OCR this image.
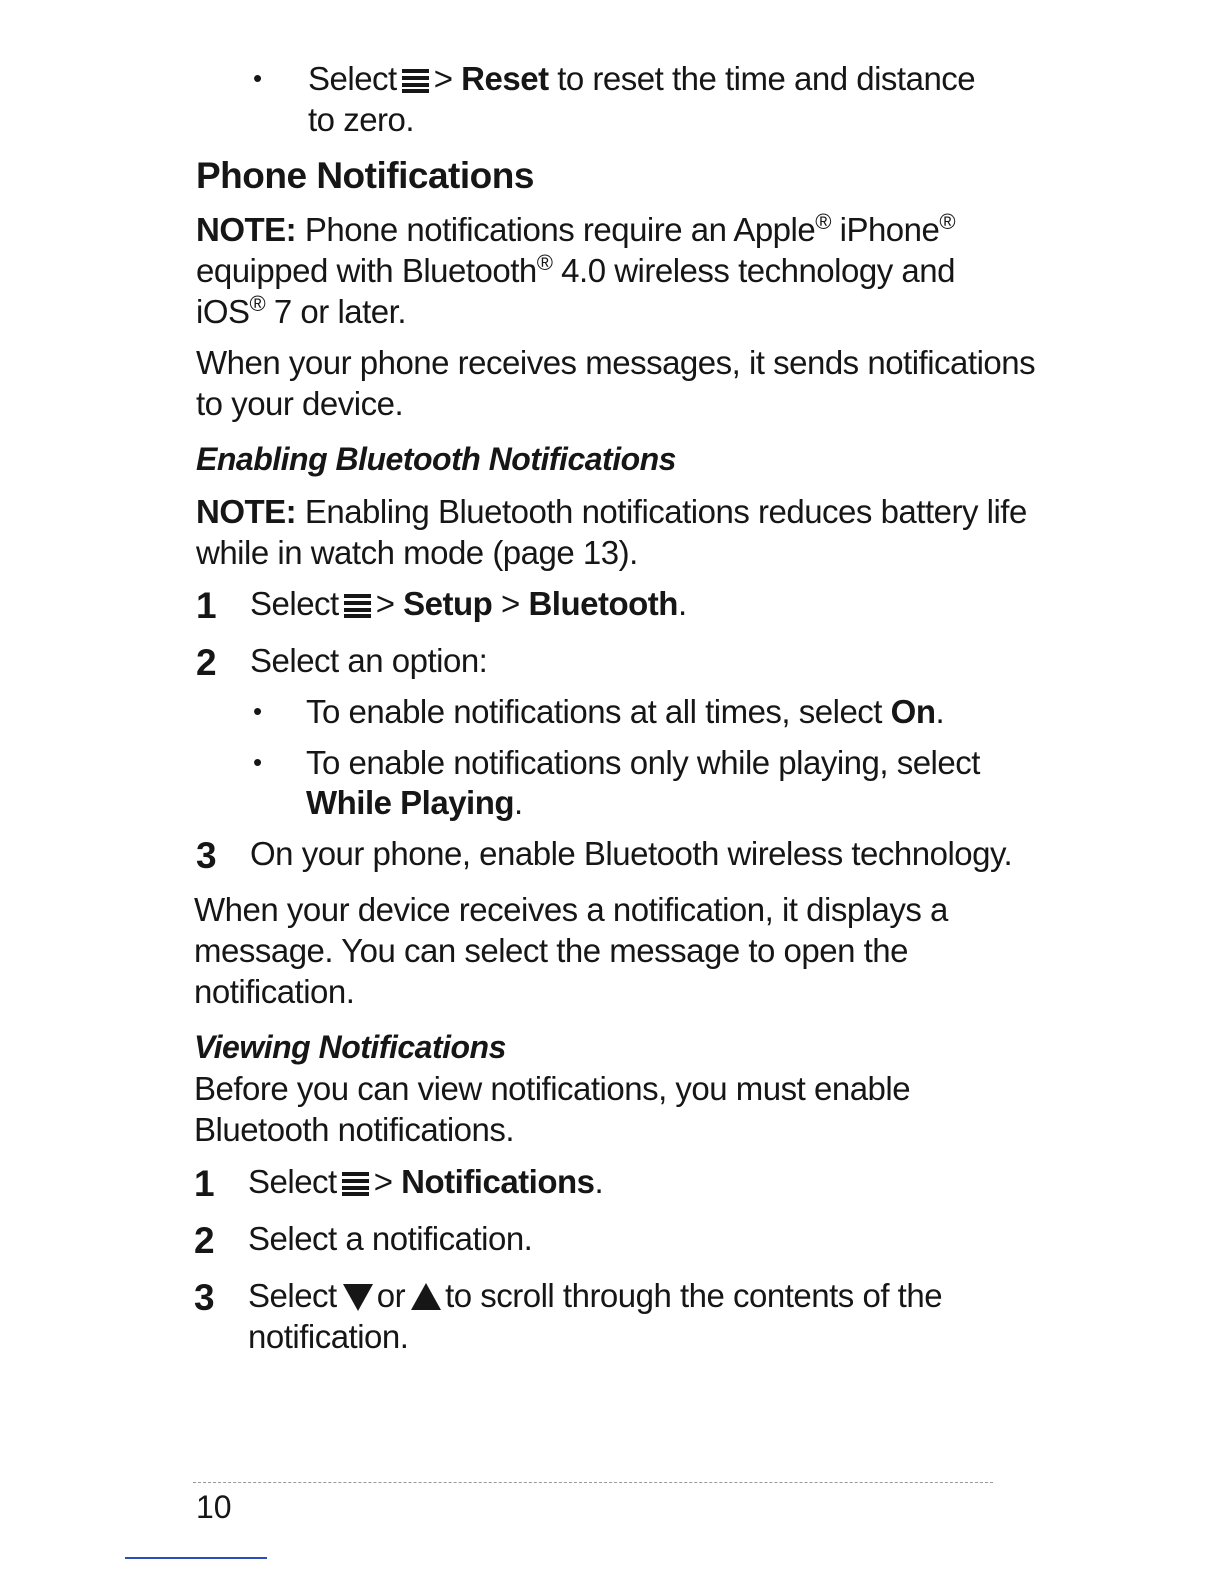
• Select > Reset to reset the time and distance
to zero.
Phone Notifications
NOTE: Phone notifications require an Apple® iPhone®
equipped with Bluetooth® 4.0 wireless technology and
iOS® 7 or later.
When your phone receives messages, it sends notifications
to your device.
Enabling Bluetooth Notifications
NOTE: Enabling Bluetooth notifications reduces battery life
while in watch mode (page 13).
1 Select > Setup > Bluetooth.
2 Select an option:
• To enable notifications at all times, select On.
• To enable notifications only while playing, select
While Playing.
3 On your phone, enable Bluetooth wireless technology.
When your device receives a notification, it displays a
message. You can select the message to open the
notification.
Viewing Notifications
Before you can view notifications, you must enable
Bluetooth notifications.
1 Select > Notifications.
2 Select a notification.
3 Select or to scroll through the contents of the
notification.
10
